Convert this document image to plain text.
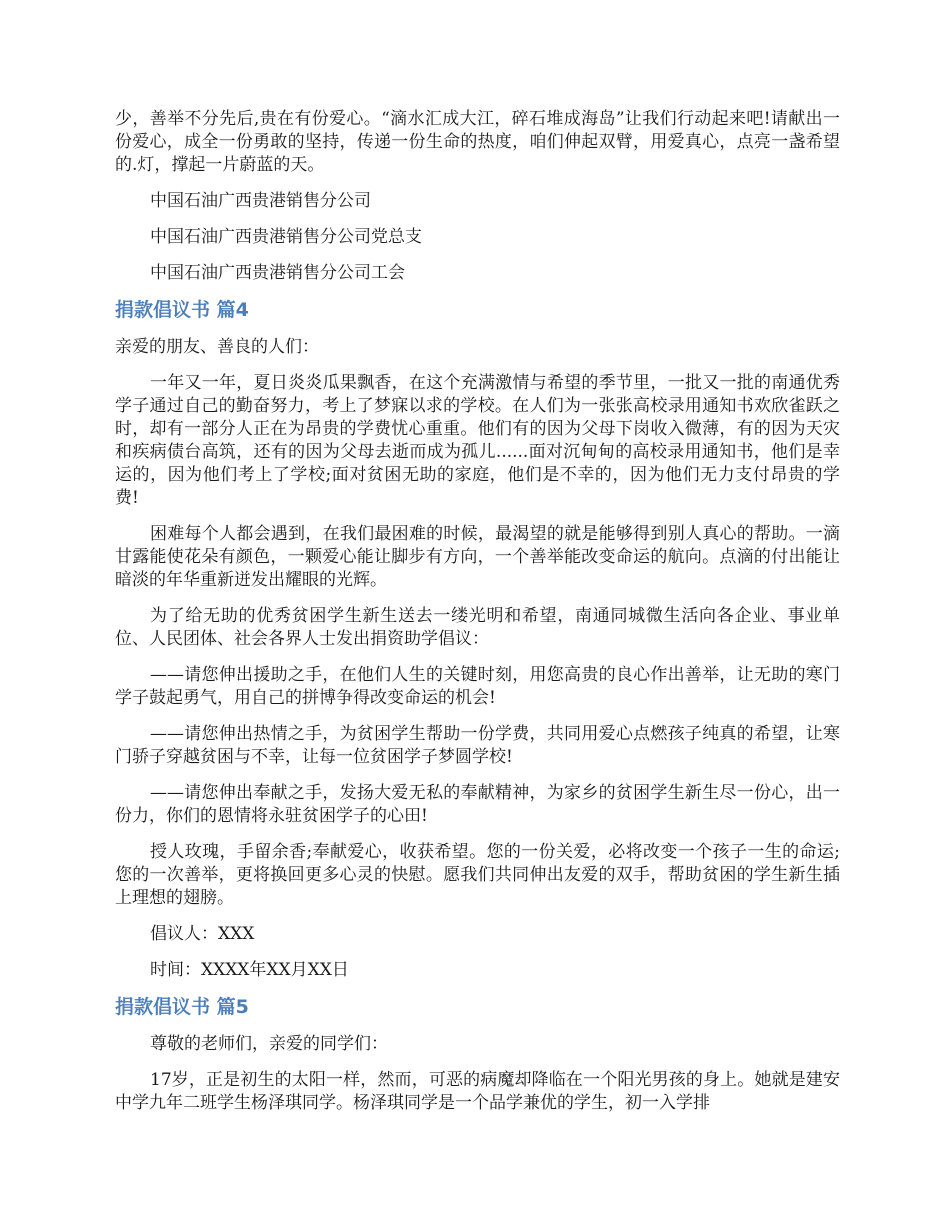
少，善举不分先后,贵在有份爱心。“滴水汇成大江，碎石堆成海岛”让我们行动起来吧!请献出一份爱心，成全一份勇敢的坚持，传递一份生命的热度，咱们伸起双臂，用爱真心，点亮一盏希望的.灯，撑起一片蔚蓝的天。

中国石油广西贵港销售分公司

中国石油广西贵港销售分公司党总支

中国石油广西贵港销售分公司工会

捐款倡议书 篇4

亲爱的朋友、善良的人们：

一年又一年，夏日炎炎瓜果飘香，在这个充满激情与希望的季节里，一批又一批的南通优秀学子通过自己的勤奋努力，考上了梦寐以求的学校。在人们为一张张高校录用通知书欢欣雀跃之时，却有一部分人正在为昂贵的学费忧心重重。他们有的因为父母下岗收入微薄，有的因为天灾和疾病债台高筑，还有的因为父母去逝而成为孤儿......面对沉甸甸的高校录用通知书，他们是幸运的，因为他们考上了学校;面对贫困无助的家庭，他们是不幸的，因为他们无力支付昂贵的学费!

困难每个人都会遇到，在我们最困难的时候，最渴望的就是能够得到别人真心的帮助。一滴甘露能使花朵有颜色，一颗爱心能让脚步有方向，一个善举能改变命运的航向。点滴的付出能让暗淡的年华重新迸发出耀眼的光辉。

为了给无助的优秀贫困学生新生送去一缕光明和希望，南通同城微生活向各企业、事业单位、人民团体、社会各界人士发出捐资助学倡议：

——请您伸出援助之手，在他们人生的关键时刻，用您高贵的良心作出善举，让无助的寒门学子鼓起勇气，用自己的拼博争得改变命运的机会!

——请您伸出热情之手，为贫困学生帮助一份学费，共同用爱心点燃孩子纯真的希望，让寒门骄子穿越贫困与不幸，让每一位贫困学子梦圆学校!

——请您伸出奉献之手，发扬大爱无私的奉献精神，为家乡的贫困学生新生尽一份心，出一份力，你们的恩情将永驻贫困学子的心田!

授人玫瑰，手留余香;奉献爱心，收获希望。您的一份关爱，必将改变一个孩子一生的命运;您的一次善举，更将换回更多心灵的快慰。愿我们共同伸出友爱的双手，帮助贫困的学生新生插上理想的翅膀。

倡议人：XXX

时间：XXXX年XX月XX日

捐款倡议书 篇5

尊敬的老师们，亲爱的同学们：

17岁，正是初生的太阳一样，然而，可恶的病魔却降临在一个阳光男孩的身上。她就是建安中学九年二班学生杨泽琪同学。杨泽琪同学是一个品学兼优的学生，初一入学排
